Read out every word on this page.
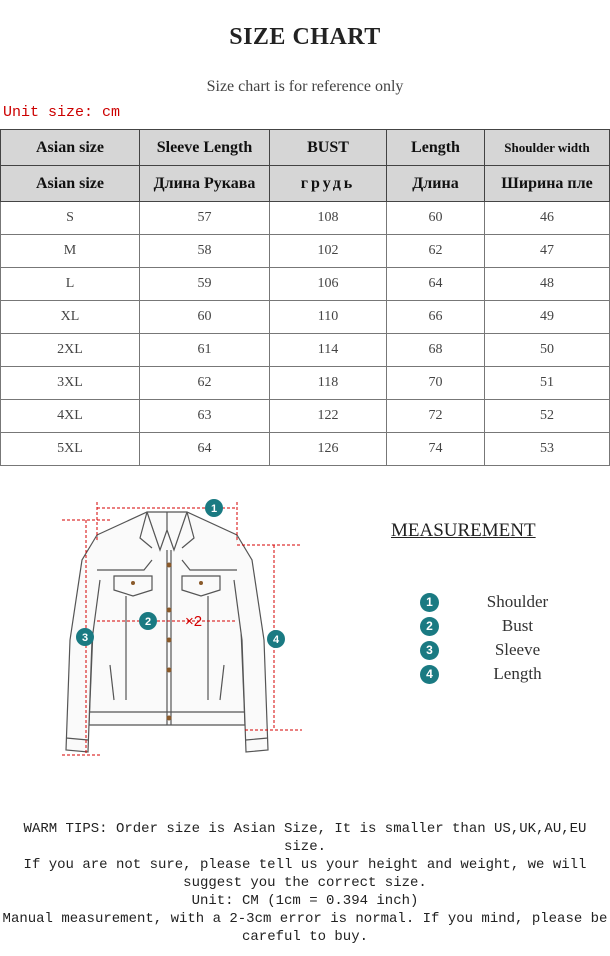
SIZE CHART
Size chart is for reference only
Unit size: cm
Asian size	Sleeve Length	BUST	Length	Shoulder width
Asian size	Длина Рукава	грудь	Длина	Ширина пле
S	57	108	60	46
M	58	102	62	47
L	59	106	64	48
XL	60	110	66	49
2XL	61	114	68	50
3XL	62	118	70	51
4XL	63	122	72	52
5XL	64	126	74	53
1
2 ×2
3	4
MEASUREMENT
1	Shoulder
2	Bust
3	Sleeve
4	Length

WARM TIPS: Order size is Asian Size, It is smaller than US,UK,AU,EU size.

If you are not sure, please tell us your height and weight, we will suggest you the correct size.

Unit: CM (1cm = 0.394 inch)

Manual measurement, with a 2-3cm error is normal. If you mind, please be careful to buy.
